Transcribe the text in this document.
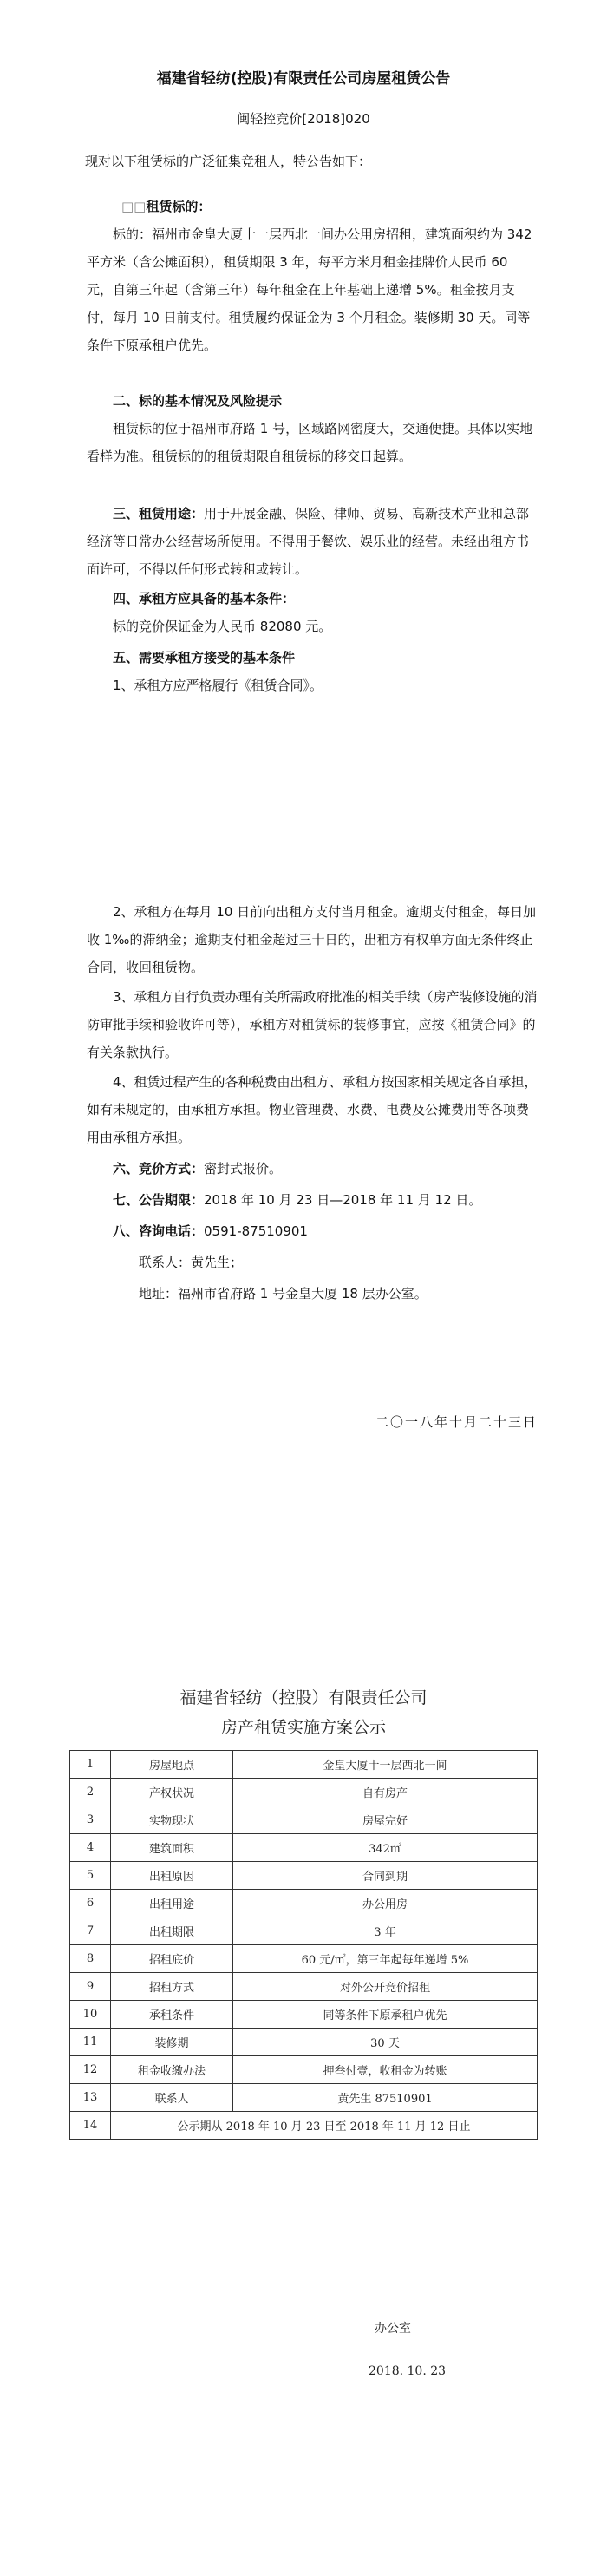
福建省轻纺(控股)有限责任公司房屋租赁公告
闽轻控竞价[2018]020
现对以下租赁标的广泛征集竞租人，特公告如下：
□□租赁标的：
标的：福州市金皇大厦十一层西北一间办公用房招租，建筑面积约为 342 平方米（含公摊面积），租赁期限 3 年，每平方米月租金挂牌价人民币 60 元，自第三年起（含第三年）每年租金在上年基础上递增 5%。租金按月支付，每月 10 日前支付。租赁履约保证金为 3 个月租金。装修期 30 天。同等条件下原承租户优先。
二、标的基本情况及风险提示
租赁标的位于福州市府路 1 号，区域路网密度大，交通便捷。具体以实地看样为准。租赁标的的租赁期限自租赁标的移交日起算。
三、租赁用途：用于开展金融、保险、律师、贸易、高新技术产业和总部经济等日常办公经营场所使用。不得用于餐饮、娱乐业的经营。未经出租方书面许可，不得以任何形式转租或转让。
四、承租方应具备的基本条件：
标的竞价保证金为人民币 82080 元。
五、需要承租方接受的基本条件
1、承租方应严格履行《租赁合同》。
2、承租方在每月 10 日前向出租方支付当月租金。逾期支付租金，每日加收 1‰的滞纳金；逾期支付租金超过三十日的，出租方有权单方面无条件终止合同，收回租赁物。
3、承租方自行负责办理有关所需政府批准的相关手续（房产装修设施的消防审批手续和验收许可等），承租方对租赁标的装修事宜，应按《租赁合同》的有关条款执行。
4、租赁过程产生的各种税费由出租方、承租方按国家相关规定各自承担，如有未规定的，由承租方承担。物业管理费、水费、电费及公摊费用等各项费用由承租方承担。
六、竞价方式：密封式报价。
七、公告期限：2018 年 10 月 23 日—2018 年 11 月 12 日。
八、咨询电话：0591-87510901
联系人：黄先生；
地址：福州市省府路 1 号金皇大厦 18 层办公室。
二〇一八年十月二十三日
福建省轻纺（控股）有限责任公司
房产租赁实施方案公示
1	房屋地点	金皇大厦十一层西北一间
2	产权状况	自有房产
3	实物现状	房屋完好
4	建筑面积	342㎡
5	出租原因	合同到期
6	出租用途	办公用房
7	出租期限	3 年
8	招租底价	60 元/㎡，第三年起每年递增 5%
9	招租方式	对外公开竞价招租
10	承租条件	同等条件下原承租户优先
11	装修期	30 天
12	租金收缴办法	押叁付壹，收租金为转账
13	联系人	黄先生 87510901
14	公示期从 2018 年 10 月 23 日至 2018 年 11 月 12 日止	
办公室
2018. 10. 23
